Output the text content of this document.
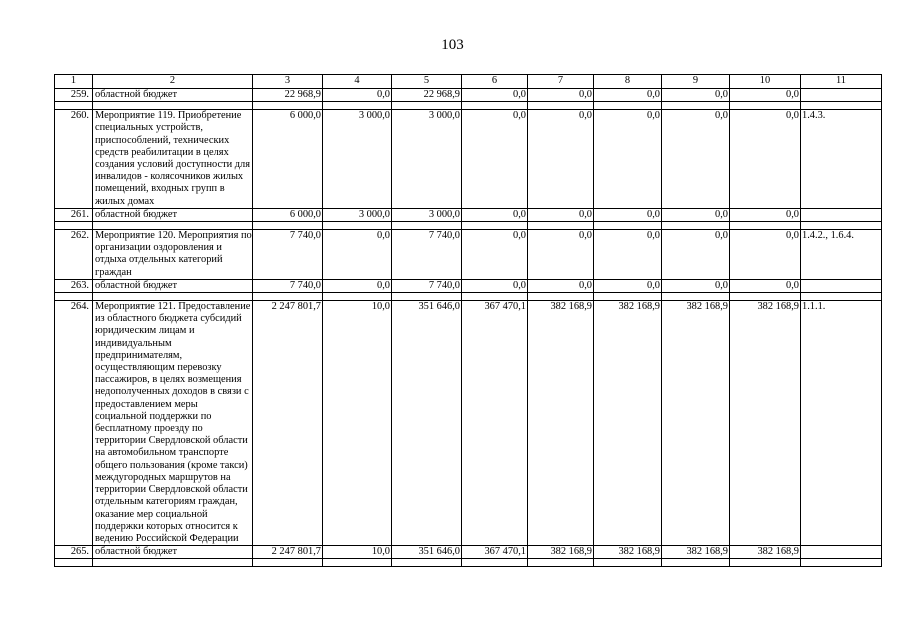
103
1	2	3	4	5	6	7	8	9	10	11
259.	областной бюджет	22 968,9	0,0	22 968,9	0,0	0,0	0,0	0,0	0,0	

260.	Мероприятие 119. Приобретение специальных устройств, приспособлений, технических средств реабилитации в целях создания условий доступности для инвалидов - колясочников жилых помещений, входных групп в жилых домах	6 000,0	3 000,0	3 000,0	0,0	0,0	0,0	0,0	0,0	1.4.3.
261.	областной бюджет	6 000,0	3 000,0	3 000,0	0,0	0,0	0,0	0,0	0,0	

262.	Мероприятие 120. Мероприятия по организации оздоровления и отдыха отдельных категорий граждан	7 740,0	0,0	7 740,0	0,0	0,0	0,0	0,0	0,0	1.4.2., 1.6.4.
263.	областной бюджет	7 740,0	0,0	7 740,0	0,0	0,0	0,0	0,0	0,0	

264.	Мероприятие 121. Предоставление из областного бюджета субсидий юридическим лицам и индивидуальным предпринимателям, осуществляющим перевозку пассажиров, в целях возмещения недополученных доходов в связи с предоставлением меры социальной поддержки по бесплатному проезду по территории Свердловской области на автомобильном транспорте общего пользования (кроме такси) междугородных маршрутов на территории Свердловской области отдельным категориям граждан, оказание мер социальной поддержки которых относится к ведению Российской Федерации	2 247 801,7	10,0	351 646,0	367 470,1	382 168,9	382 168,9	382 168,9	382 168,9	1.1.1.
265.	областной бюджет	2 247 801,7	10,0	351 646,0	367 470,1	382 168,9	382 168,9	382 168,9	382 168,9	
